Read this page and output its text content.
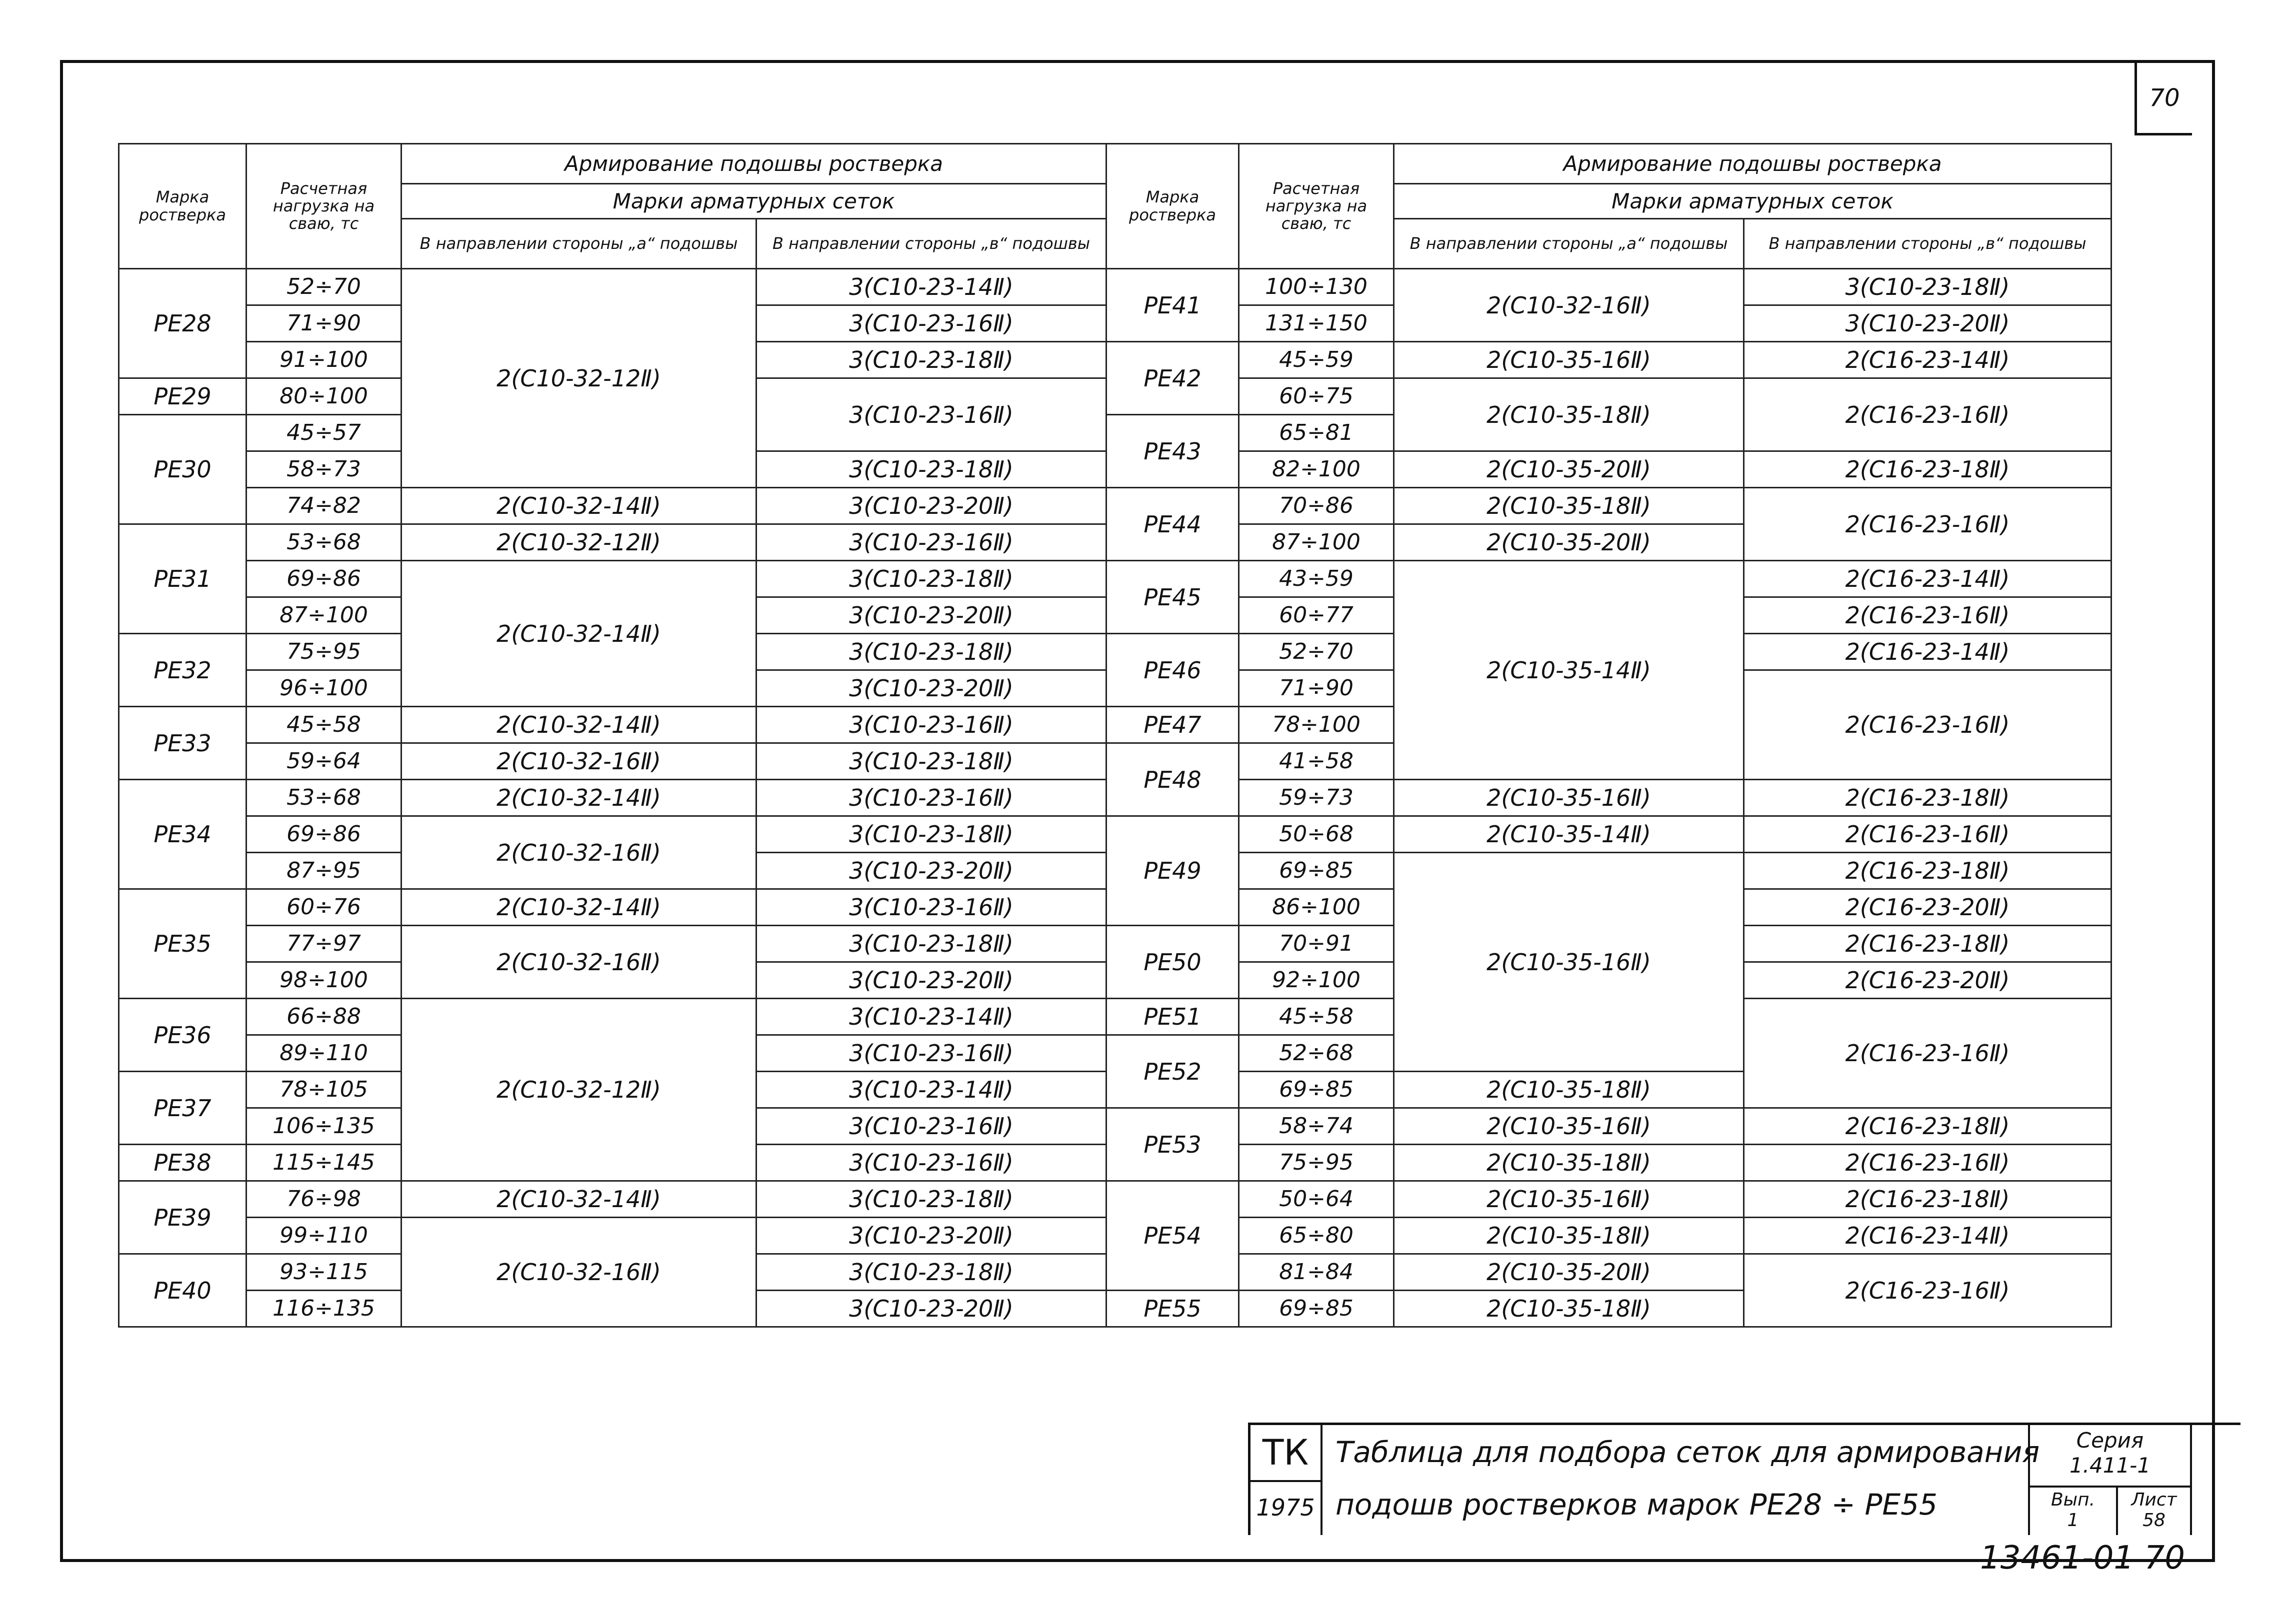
70
Марка ростверка	Расчетная нагрузка на сваю, тс	Армирование подошвы ростверка		Марка ростверка	Расчетная нагрузка на сваю, тс	Армирование подошвы ростверка	
		Марки арматурных сеток				Марки арматурных сеток	
		В направлении стороны „а“ подошвы	В направлении стороны „в“ подошвы			В направлении стороны „а“ подошвы	В направлении стороны „в“ подошвы
РЕ28	52÷70	2(С10-32-12Ⅱ)	3(С10-23-14Ⅱ)	РЕ41	100÷130	2(С10-32-16Ⅱ)	3(С10-23-18Ⅱ)
	71÷90		3(С10-23-16Ⅱ)		131÷150		3(С10-23-20Ⅱ)
	91÷100		3(С10-23-18Ⅱ)	РЕ42	45÷59	2(С10-35-16Ⅱ)	2(С16-23-14Ⅱ)
РЕ29	80÷100		3(С10-23-16Ⅱ)		60÷75	2(С10-35-18Ⅱ)	2(С16-23-16Ⅱ)
РЕ30	45÷57			РЕ43	65÷81		
	58÷73		3(С10-23-18Ⅱ)		82÷100	2(С10-35-20Ⅱ)	2(С16-23-18Ⅱ)
	74÷82	2(С10-32-14Ⅱ)	3(С10-23-20Ⅱ)	РЕ44	70÷86	2(С10-35-18Ⅱ)	2(С16-23-16Ⅱ)
РЕ31	53÷68	2(С10-32-12Ⅱ)	3(С10-23-16Ⅱ)		87÷100	2(С10-35-20Ⅱ)	
	69÷86	2(С10-32-14Ⅱ)	3(С10-23-18Ⅱ)	РЕ45	43÷59	2(С10-35-14Ⅱ)	2(С16-23-14Ⅱ)
	87÷100		3(С10-23-20Ⅱ)		60÷77		2(С16-23-16Ⅱ)
РЕ32	75÷95		3(С10-23-18Ⅱ)	РЕ46	52÷70		2(С16-23-14Ⅱ)
	96÷100		3(С10-23-20Ⅱ)		71÷90		2(С16-23-16Ⅱ)
РЕ33	45÷58	2(С10-32-14Ⅱ)	3(С10-23-16Ⅱ)	РЕ47	78÷100		
	59÷64	2(С10-32-16Ⅱ)	3(С10-23-18Ⅱ)	РЕ48	41÷58		
РЕ34	53÷68	2(С10-32-14Ⅱ)	3(С10-23-16Ⅱ)		59÷73	2(С10-35-16Ⅱ)	2(С16-23-18Ⅱ)
	69÷86	2(С10-32-16Ⅱ)	3(С10-23-18Ⅱ)	РЕ49	50÷68	2(С10-35-14Ⅱ)	2(С16-23-16Ⅱ)
	87÷95		3(С10-23-20Ⅱ)		69÷85	2(С10-35-16Ⅱ)	2(С16-23-18Ⅱ)
РЕ35	60÷76	2(С10-32-14Ⅱ)	3(С10-23-16Ⅱ)		86÷100		2(С16-23-20Ⅱ)
	77÷97	2(С10-32-16Ⅱ)	3(С10-23-18Ⅱ)	РЕ50	70÷91		2(С16-23-18Ⅱ)
	98÷100		3(С10-23-20Ⅱ)		92÷100		2(С16-23-20Ⅱ)
РЕ36	66÷88	2(С10-32-12Ⅱ)	3(С10-23-14Ⅱ)	РЕ51	45÷58		2(С16-23-16Ⅱ)
	89÷110		3(С10-23-16Ⅱ)	РЕ52	52÷68		
РЕ37	78÷105		3(С10-23-14Ⅱ)		69÷85	2(С10-35-18Ⅱ)	
	106÷135		3(С10-23-16Ⅱ)	РЕ53	58÷74	2(С10-35-16Ⅱ)	2(С16-23-18Ⅱ)
РЕ38	115÷145		3(С10-23-16Ⅱ)		75÷95	2(С10-35-18Ⅱ)	2(С16-23-16Ⅱ)
РЕ39	76÷98	2(С10-32-14Ⅱ)	3(С10-23-18Ⅱ)	РЕ54	50÷64	2(С10-35-16Ⅱ)	2(С16-23-18Ⅱ)
	99÷110	2(С10-32-16Ⅱ)	3(С10-23-20Ⅱ)		65÷80	2(С10-35-18Ⅱ)	2(С16-23-14Ⅱ)
РЕ40	93÷115		3(С10-23-18Ⅱ)		81÷84	2(С10-35-20Ⅱ)	2(С16-23-16Ⅱ)
	116÷135		3(С10-23-20Ⅱ)	РЕ55	69÷85	2(С10-35-18Ⅱ)	
ТК
1975
Таблица для подбора сеток для армирования
подошв ростверков марок РЕ28 ÷ РЕ55
Серия
1.411-1
Вып.
1
Лист
58
13461-01 70
